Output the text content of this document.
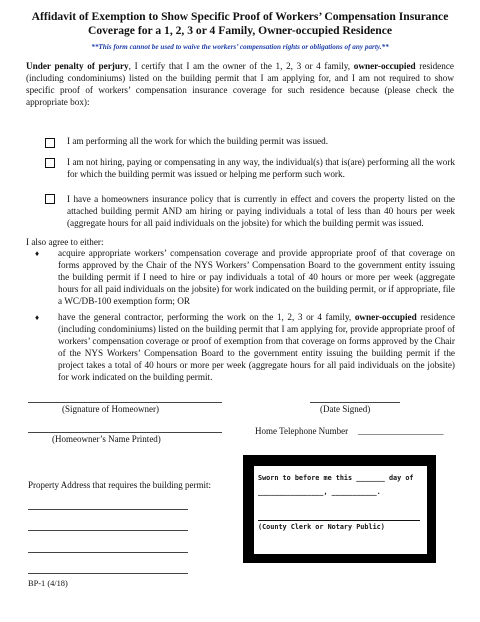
Affidavit of Exemption to Show Specific Proof of Workers’ Compensation Insurance
Coverage for a 1, 2, 3 or 4 Family, Owner-occupied Residence
**This form cannot be used to waive the workers’ compensation rights or obligations of any party.**
Under penalty of perjury, I certify that I am the owner of the 1, 2, 3 or 4 family, owner-occupied residence (including condominiums) listed on the building permit that I am applying for, and I am not required to show specific proof of workers’ compensation insurance coverage for such residence because (please check the appropriate box):
I am performing all the work for which the building permit was issued.
I am not hiring, paying or compensating in any way, the individual(s) that is(are) performing all the work for which the building permit was issued or helping me perform such work.
I have a homeowners insurance policy that is currently in effect and covers the property listed on the attached building permit AND am hiring or paying individuals a total of less than 40 hours per week (aggregate hours for all paid individuals on the jobsite) for which the building permit was issued.
I also agree to either:
♦ acquire appropriate workers’ compensation coverage and provide appropriate proof of that coverage on forms approved by the Chair of the NYS Workers’ Compensation Board to the government entity issuing the building permit if I need to hire or pay individuals a total of 40 hours or more per week (aggregate hours for all paid individuals on the jobsite) for work indicated on the building permit, or if appropriate, file a WC/DB-100 exemption form; OR
♦ have the general contractor, performing the work on the 1, 2, 3 or 4 family, owner-occupied residence (including condominiums) listed on the building permit that I am applying for, provide appropriate proof of workers’ compensation coverage or proof of exemption from that coverage on forms approved by the Chair of the NYS Workers’ Compensation Board to the government entity issuing the building permit if the project takes a total of 40 hours or more per week (aggregate hours for all paid individuals on the jobsite) for work indicated on the building permit.
(Signature of Homeowner)	(Date Signed)
(Homeowner’s Name Printed)
Home Telephone Number ___________________
Property Address that requires the building permit:
BP-1 (4/18)
Sworn to before me this _______ day of
________________, ___________.
(County Clerk or Notary Public)
